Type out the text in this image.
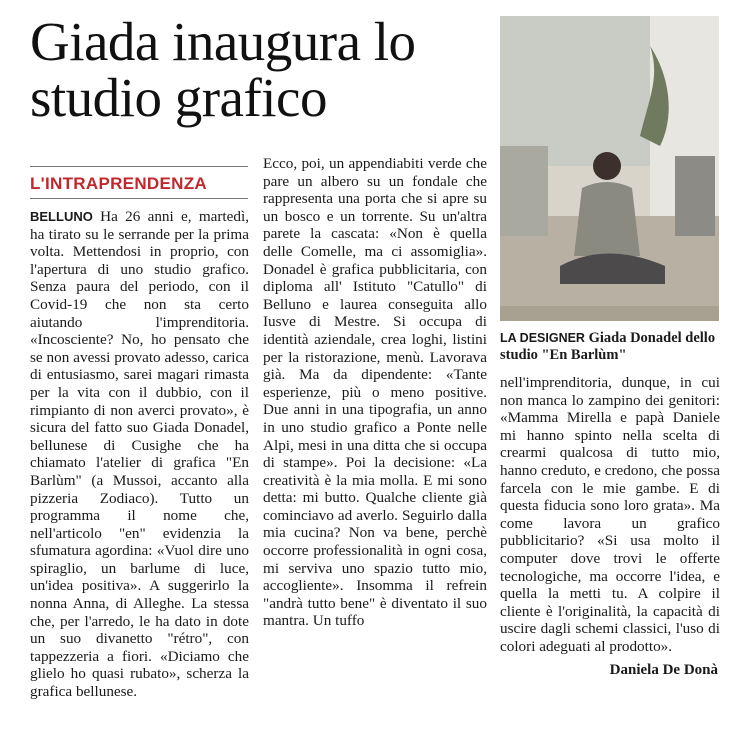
Giada inaugura lo studio grafico
L'INTRAPRENDENZA

BELLUNO Ha 26 anni e, martedì, ha tirato su le serrande per la prima volta. Mettendosi in proprio, con l'apertura di uno studio grafico. Senza paura del periodo, con il Covid-19 che non sta certo aiutando l'imprenditoria. «Incosciente? No, ho pensato che se non avessi provato adesso, carica di entusiasmo, sarei magari rimasta per la vita con il dubbio, con il rimpianto di non averci provato», è sicura del fatto suo Giada Donadel, bellunese di Cusighe che ha chiamato l'atelier di grafica "En Barlùm" (a Mussoi, accanto alla pizzeria Zodiaco). Tutto un programma il nome che, nell'articolo "en" evidenzia la sfumatura agordina: «Vuol dire uno spiraglio, un barlume di luce, un'idea positiva». A suggerirlo la nonna Anna, di Alleghe. La stessa che, per l'arredo, le ha dato in dote un suo divanetto "rétro", con tappezzeria a fiori. «Diciamo che glielo ho quasi rubato», scherza la grafica bellunese.

Ecco, poi, un appendiabiti verde che pare un albero su un fondale che rappresenta una porta che si apre su un bosco e un torrente. Su un'altra parete la cascata: «Non è quella delle Comelle, ma ci assomiglia». Donadel è grafica pubblicitaria, con diploma all' Istituto "Catullo" di Belluno e laurea conseguita allo Iusve di Mestre. Si occupa di identità aziendale, crea loghi, listini per la ristorazione, menù. Lavorava già. Ma da dipendente: «Tante esperienze, più o meno positive. Due anni in una tipografia, un anno in uno studio grafico a Ponte nelle Alpi, mesi in una ditta che si occupa di stampe». Poi la decisione: «La creatività è la mia molla. E mi sono detta: mi butto. Qualche cliente già cominciavo ad averlo. Seguirlo dalla mia cucina? Non va bene, perchè occorre professionalità in ogni cosa, mi serviva uno spazio tutto mio, accogliente». Insomma il refrein "andrà tutto bene" è diventato il suo mantra. Un tuffo

LA DESIGNER Giada Donadel dello studio "En Barlùm"

nell'imprenditoria, dunque, in cui non manca lo zampino dei genitori: «Mamma Mirella e papà Daniele mi hanno spinto nella scelta di crearmi qualcosa di tutto mio, hanno creduto, e credono, che possa farcela con le mie gambe. E di questa fiducia sono loro grata». Ma come lavora un grafico pubblicitario? «Si usa molto il computer dove trovi le offerte tecnologiche, ma occorre l'idea, e quella la metti tu. A colpire il cliente è l'originalità, la capacità di uscire dagli schemi classici, l'uso di colori adeguati al prodotto».

Daniela De Donà
